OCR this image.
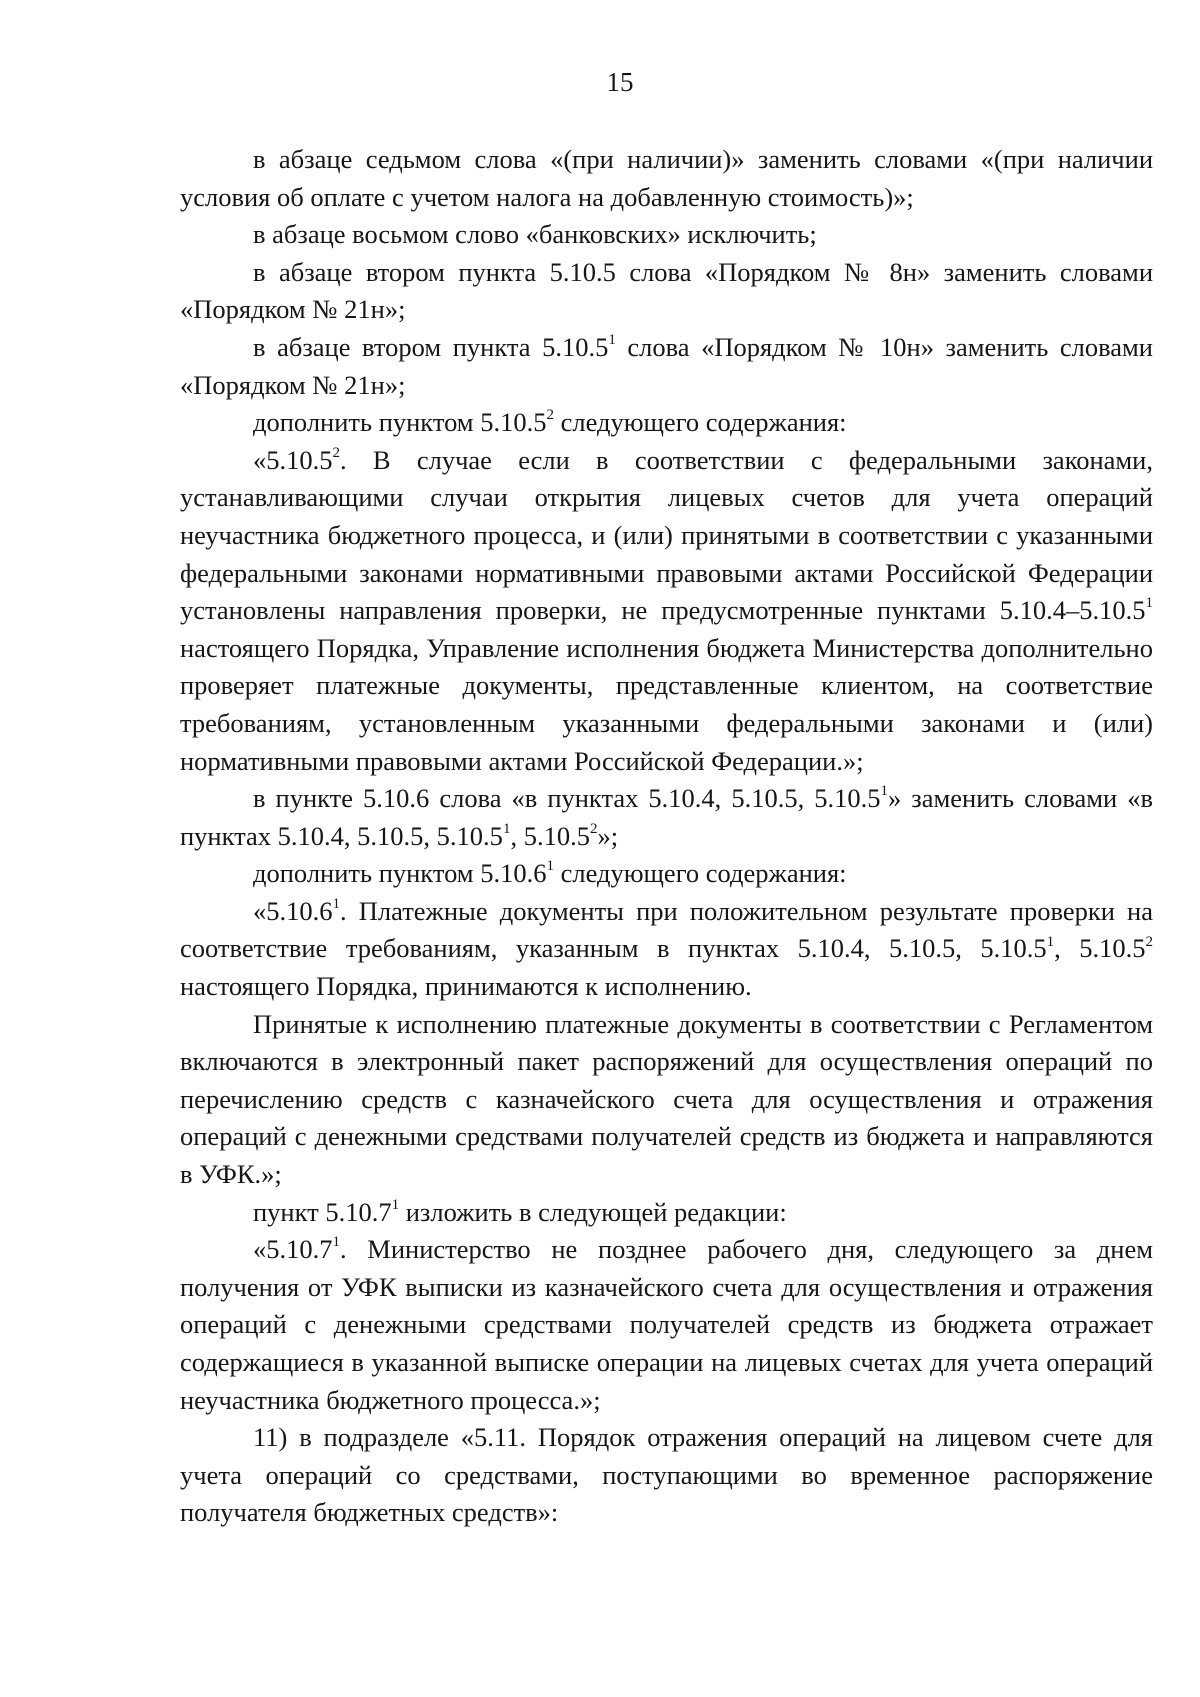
15

в абзаце седьмом слова «(при наличии)» заменить словами «(при наличии условия об оплате с учетом налога на добавленную стоимость)»;

в абзаце восьмом слово «банковских» исключить;

в абзаце втором пункта 5.10.5 слова «Порядком № 8н» заменить словами «Порядком № 21н»;

в абзаце втором пункта 5.10.5$^1$ слова «Порядком № 10н» заменить словами «Порядком № 21н»;

дополнить пунктом 5.10.5$^2$ следующего содержания:

«5.10.5$^2$. В случае если в соответствии с федеральными законами, устанавливающими случаи открытия лицевых счетов для учета операций неучастника бюджетного процесса, и (или) принятыми в соответствии с указанными федеральными законами нормативными правовыми актами Российской Федерации установлены направления проверки, не предусмотренные пунктами 5.10.4–5.10.5$^1$ настоящего Порядка, Управление исполнения бюджета Министерства дополнительно проверяет платежные документы, представленные клиентом, на соответствие требованиям, установленным указанными федеральными законами и (или) нормативными правовыми актами Российской Федерации.»;

в пункте 5.10.6 слова «в пунктах 5.10.4, 5.10.5, 5.10.5$^1$» заменить словами «в пунктах 5.10.4, 5.10.5, 5.10.5$^1$, 5.10.5$^2$»;

дополнить пунктом 5.10.6$^1$ следующего содержания:

«5.10.6$^1$. Платежные документы при положительном результате проверки на соответствие требованиям, указанным в пунктах 5.10.4, 5.10.5, 5.10.5$^1$, 5.10.5$^2$ настоящего Порядка, принимаются к исполнению.

Принятые к исполнению платежные документы в соответствии с Регламентом включаются в электронный пакет распоряжений для осуществления операций по перечислению средств с казначейского счета для осуществления и отражения операций с денежными средствами получателей средств из бюджета и направляются в УФК.»;

пункт 5.10.7$^1$ изложить в следующей редакции:

«5.10.7$^1$. Министерство не позднее рабочего дня, следующего за днем получения от УФК выписки из казначейского счета для осуществления и отражения операций с денежными средствами получателей средств из бюджета отражает содержащиеся в указанной выписке операции на лицевых счетах для учета операций неучастника бюджетного процесса.»;

11) в подразделе «5.11. Порядок отражения операций на лицевом счете для учета операций со средствами, поступающими во временное распоряжение получателя бюджетных средств»:
